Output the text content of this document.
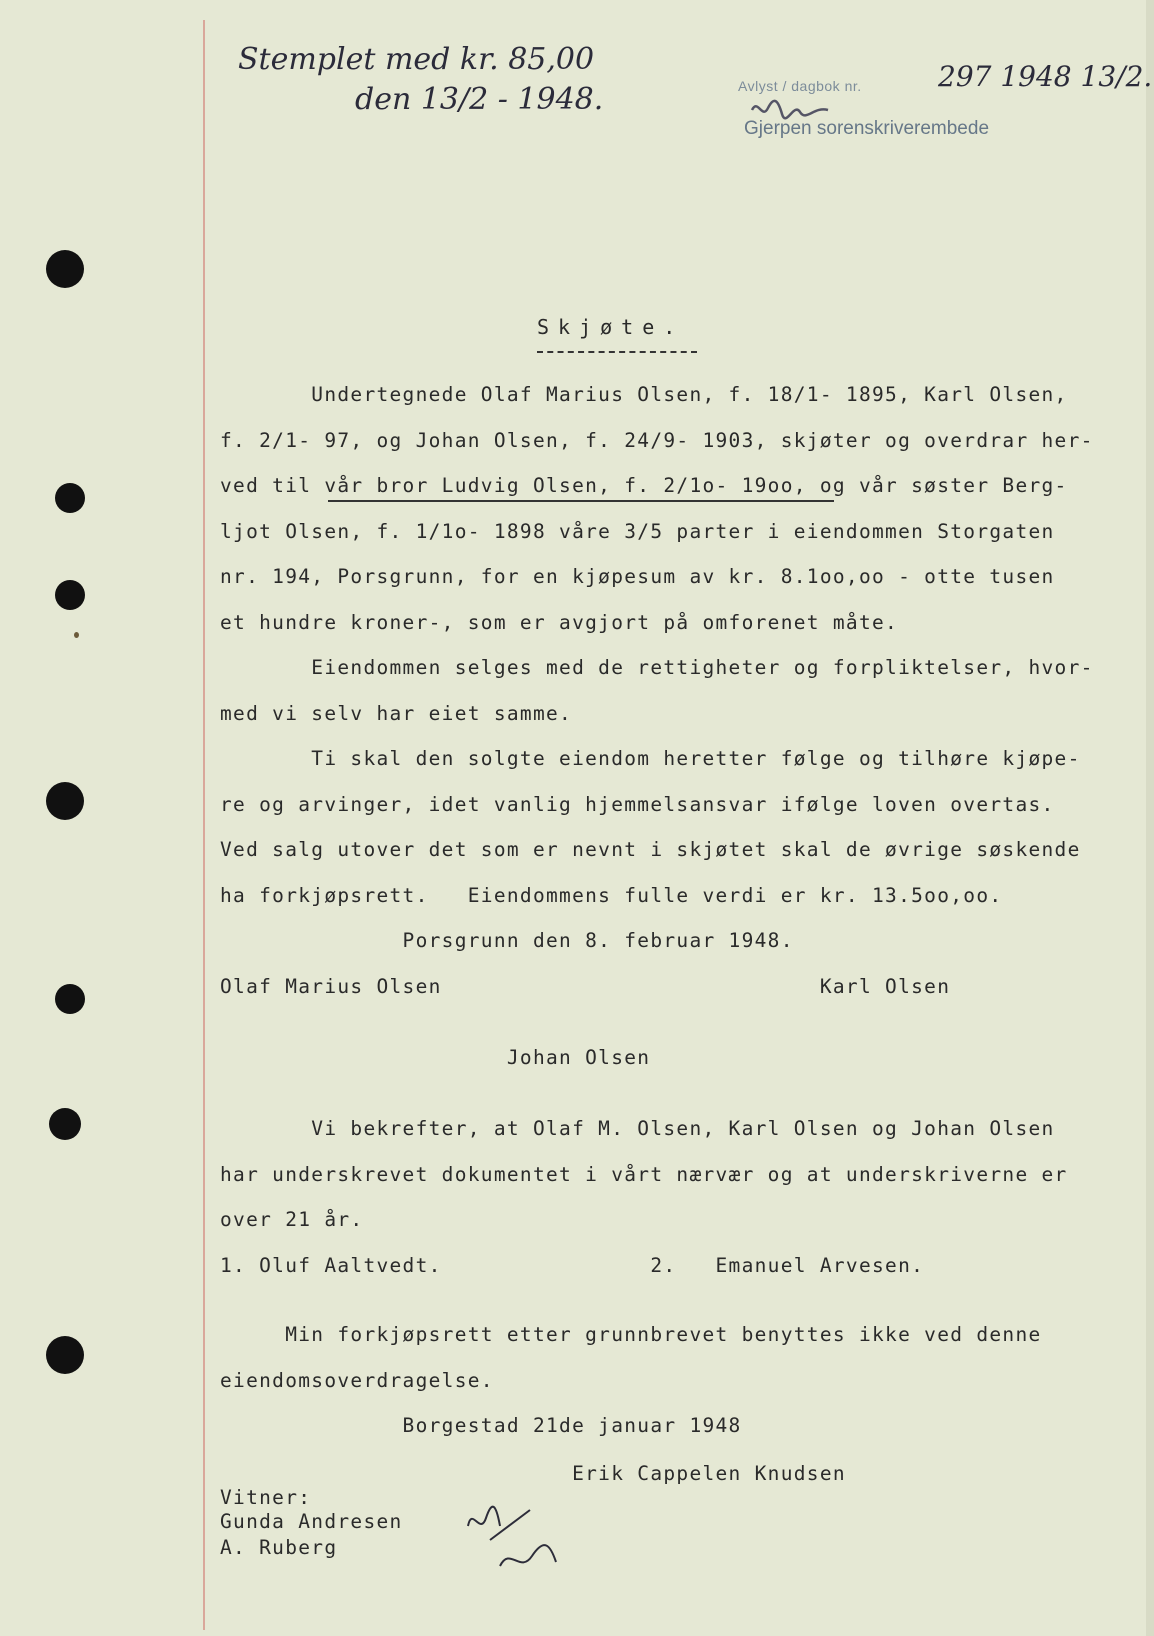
Stemplet med kr. 85,00
den 13/2 - 1948.	Avlyst / dagbok nr.	297 1948 13/2.
Gjerpen sorenskriverembede
Skjøte.
Undertegnede Olaf Marius Olsen, f. 18/1- 1895, Karl Olsen,
f. 2/1- 97, og Johan Olsen, f. 24/9- 1903, skjøter og overdrar her-
ved til vår bror Ludvig Olsen, f. 2/1o- 19oo, og vår søster Berg-
ljot Olsen, f. 1/1o- 1898 våre 3/5 parter i eiendommen Storgaten
nr. 194, Porsgrunn, for en kjøpesum av kr. 8.1oo,oo - otte tusen
et hundre kroner-, som er avgjort på omforenet måte.
Eiendommen selges med de rettigheter og forpliktelser, hvor-
med vi selv har eiet samme.
Ti skal den solgte eiendom heretter følge og tilhøre kjøpe-
re og arvinger, idet vanlig hjemmelsansvar ifølge loven overtas.
Ved salg utover det som er nevnt i skjøtet skal de øvrige søskende
ha forkjøpsrett.   Eiendommens fulle verdi er kr. 13.5oo,oo.
Porsgrunn den 8. februar 1948.
Olaf Marius Olsen                             Karl Olsen
Johan Olsen
Vi bekrefter, at Olaf M. Olsen, Karl Olsen og Johan Olsen
har underskrevet dokumentet i vårt nærvær og at underskriverne er
over 21 år.
1. Oluf Aaltvedt.                2.   Emanuel Arvesen.
Min forkjøpsrett etter grunnbrevet benyttes ikke ved denne
eiendomsoverdragelse.
Borgestad 21de januar 1948
Erik Cappelen Knudsen
Vitner:
Gunda Andresen
A. Ruberg
